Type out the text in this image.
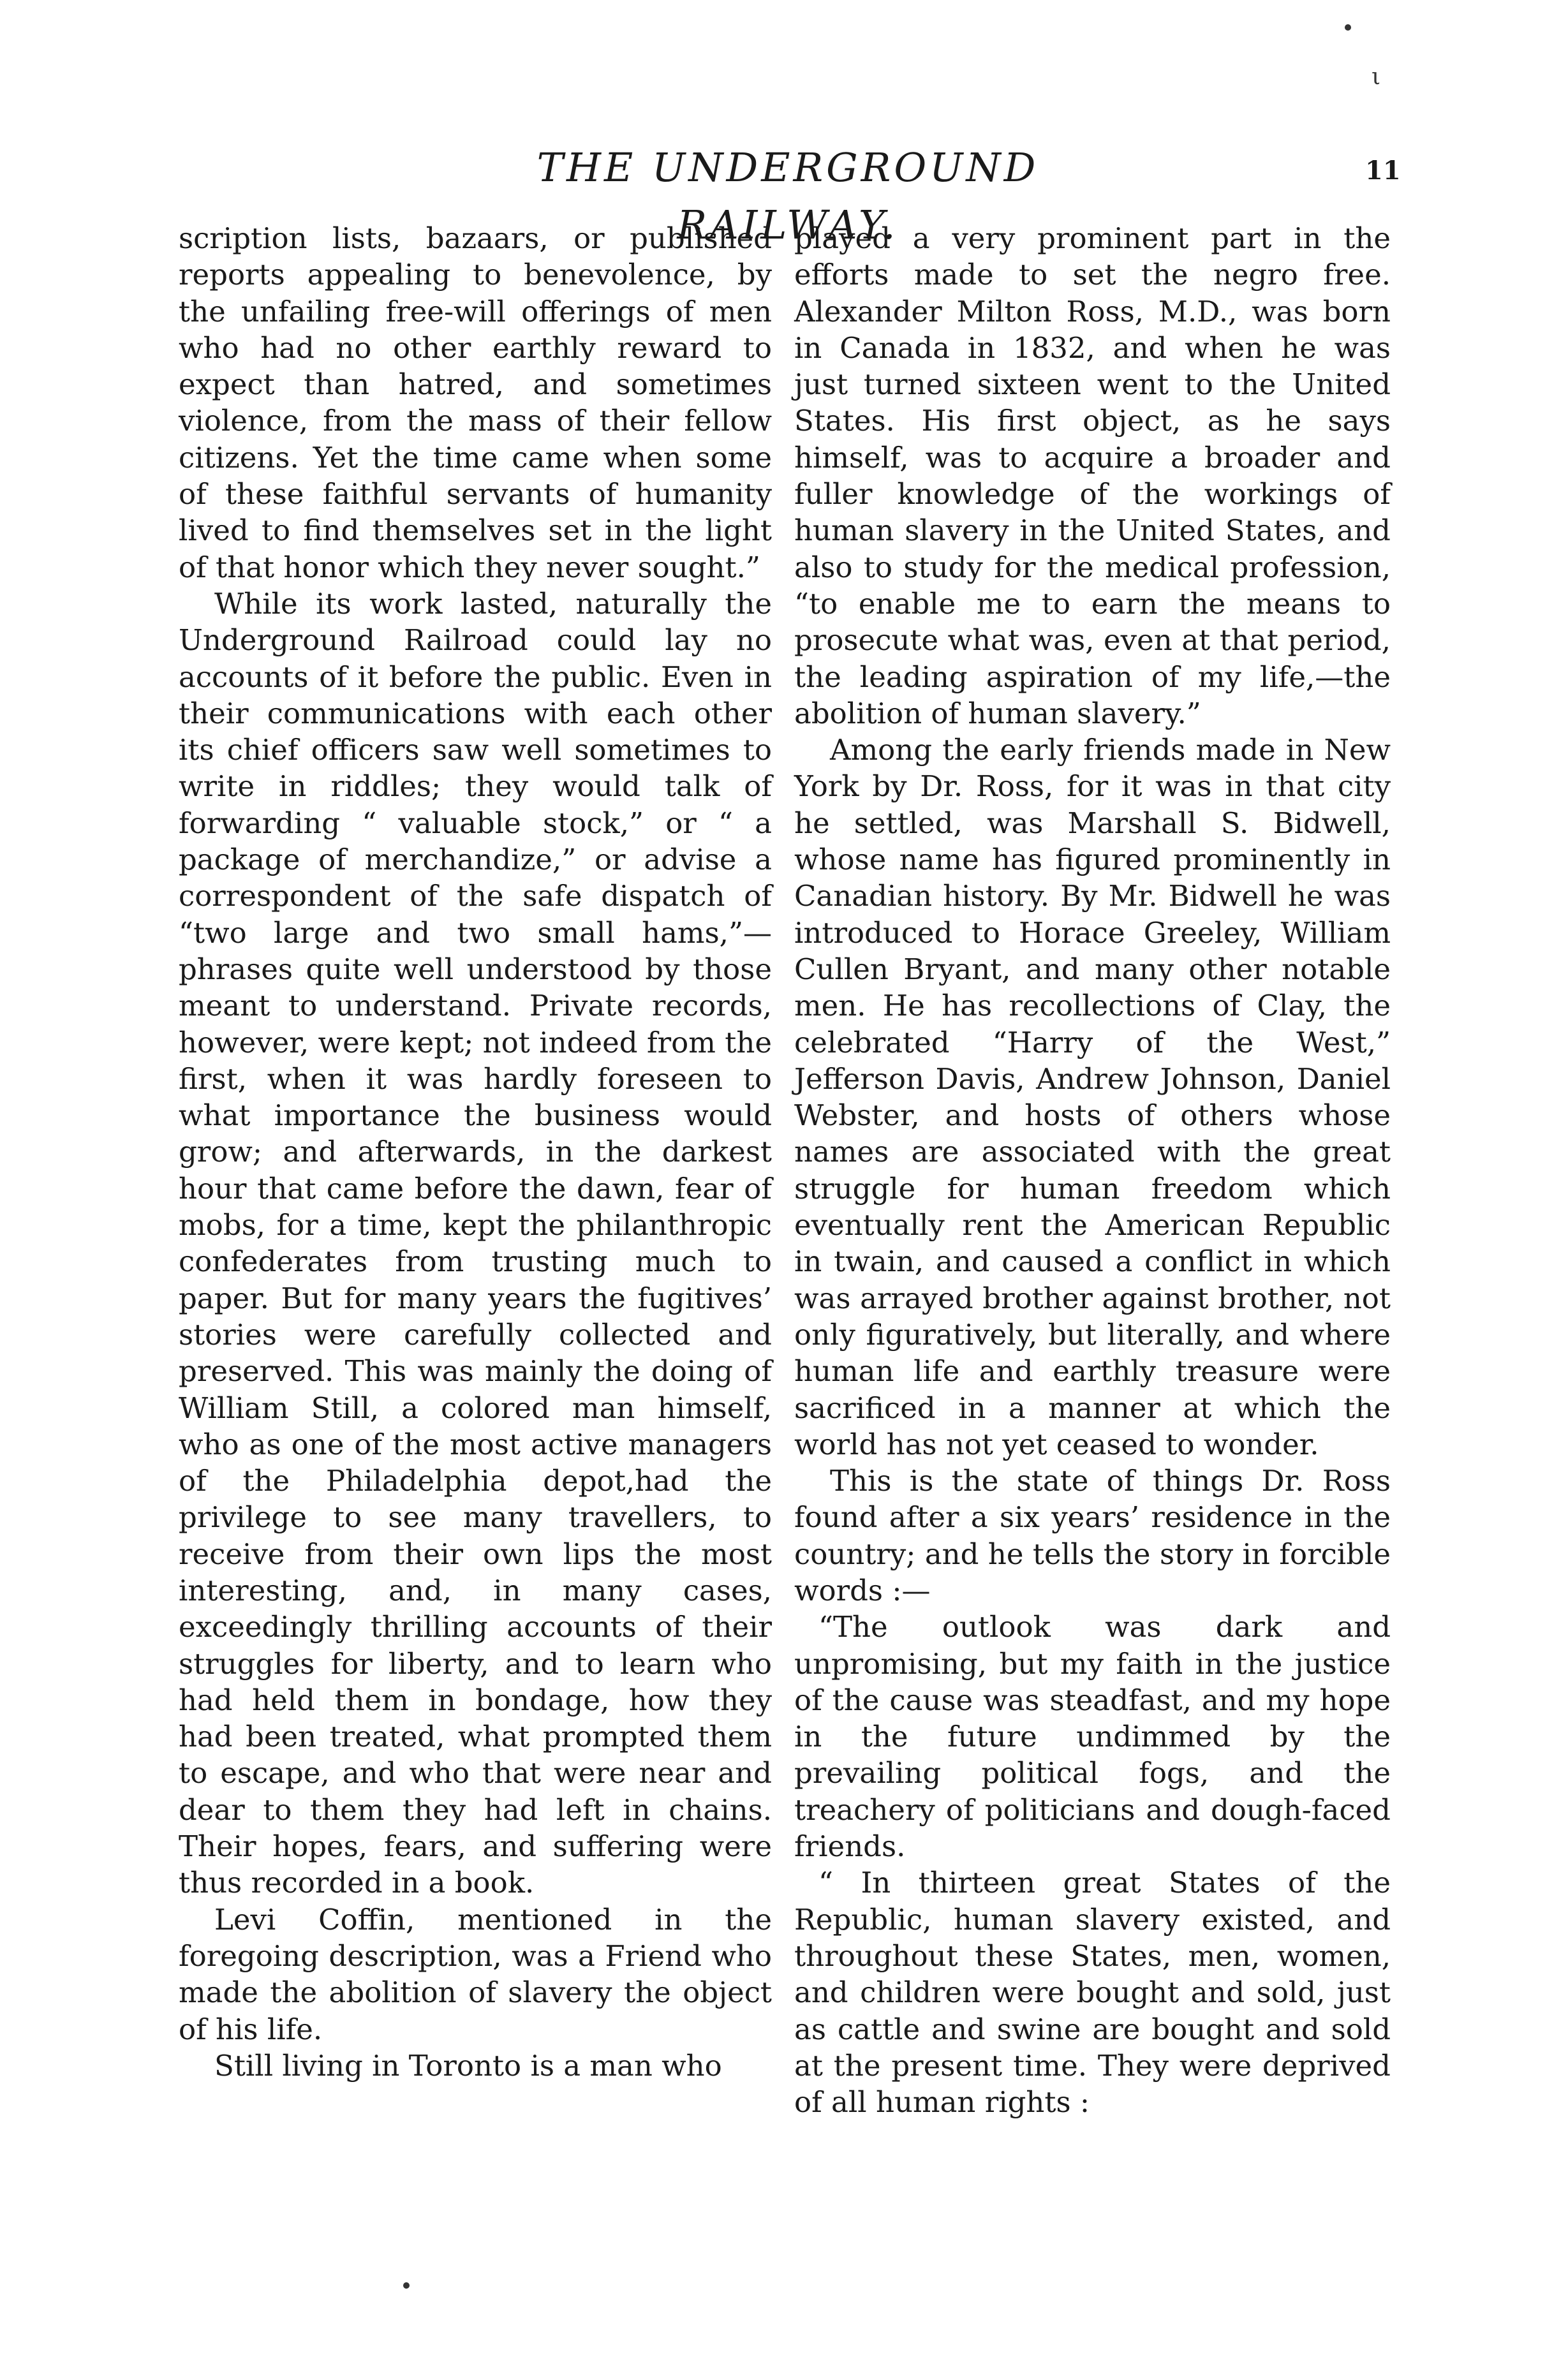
ι
THE UNDERGROUND RAILWAY.
11

scription lists, bazaars, or published reports appealing to benevolence, by the unfailing free-will offerings of men who had no other earthly reward to expect than hatred, and sometimes violence, from the mass of their fellow citizens. Yet the time came when some of these faithful servants of humanity lived to find themselves set in the light of that honor which they never sought.”

While its work lasted, naturally the Underground Railroad could lay no accounts of it before the public. Even in their communications with each other its chief officers saw well sometimes to write in riddles; they would talk of forwarding “ valuable stock,” or “ a package of merchandize,” or advise a correspondent of the safe dispatch of “two large and two small hams,”—phrases quite well understood by those meant to understand. Private records, however, were kept; not indeed from the first, when it was hardly foreseen to what importance the business would grow; and afterwards, in the darkest hour that came before the dawn, fear of mobs, for a time, kept the philanthropic confederates from trusting much to paper. But for many years the fugitives’ stories were carefully collected and preserved. This was mainly the doing of William Still, a colored man himself, who as one of the most active managers of the Philadelphia depot,had the privilege to see many travellers, to receive from their own lips the most interesting, and, in many cases, exceedingly thrilling accounts of their struggles for liberty, and to learn who had held them in bondage, how they had been treated, what prompted them to escape, and who that were near and dear to them they had left in chains. Their hopes, fears, and suffering were thus recorded in a book.

Levi Coffin, mentioned in the foregoing description, was a Friend who made the abolition of slavery the object of his life.

Still living in Toronto is a man who

played a very prominent part in the efforts made to set the negro free. Alexander Milton Ross, M.D., was born in Canada in 1832, and when he was just turned sixteen went to the United States. His first object, as he says himself, was to acquire a broader and fuller knowledge of the workings of human slavery in the United States, and also to study for the medical profession, “to enable me to earn the means to prosecute what was, even at that period, the leading aspiration of my life,—the abolition of human slavery.”

Among the early friends made in New York by Dr. Ross, for it was in that city he settled, was Marshall S. Bidwell, whose name has figured prominently in Canadian history. By Mr. Bidwell he was introduced to Horace Greeley, William Cullen Bryant, and many other notable men. He has recollections of Clay, the celebrated “Harry of the West,” Jefferson Davis, Andrew Johnson, Daniel Webster, and hosts of others whose names are associated with the great struggle for human freedom which eventually rent the American Republic in twain, and caused a conflict in which was arrayed brother against brother, not only figuratively, but literally, and where human life and earthly treasure were sacrificed in a manner at which the world has not yet ceased to wonder.

This is the state of things Dr. Ross found after a six years’ residence in the country; and he tells the story in forcible words :—

“The outlook was dark and unpromising, but my faith in the justice of the cause was steadfast, and my hope in the future undimmed by the prevailing political fogs, and the treachery of politicians and dough-faced friends.

“ In thirteen great States of the Republic, human slavery existed, and throughout these States, men, women, and children were bought and sold, just as cattle and swine are bought and sold at the present time. They were deprived of all human rights :
